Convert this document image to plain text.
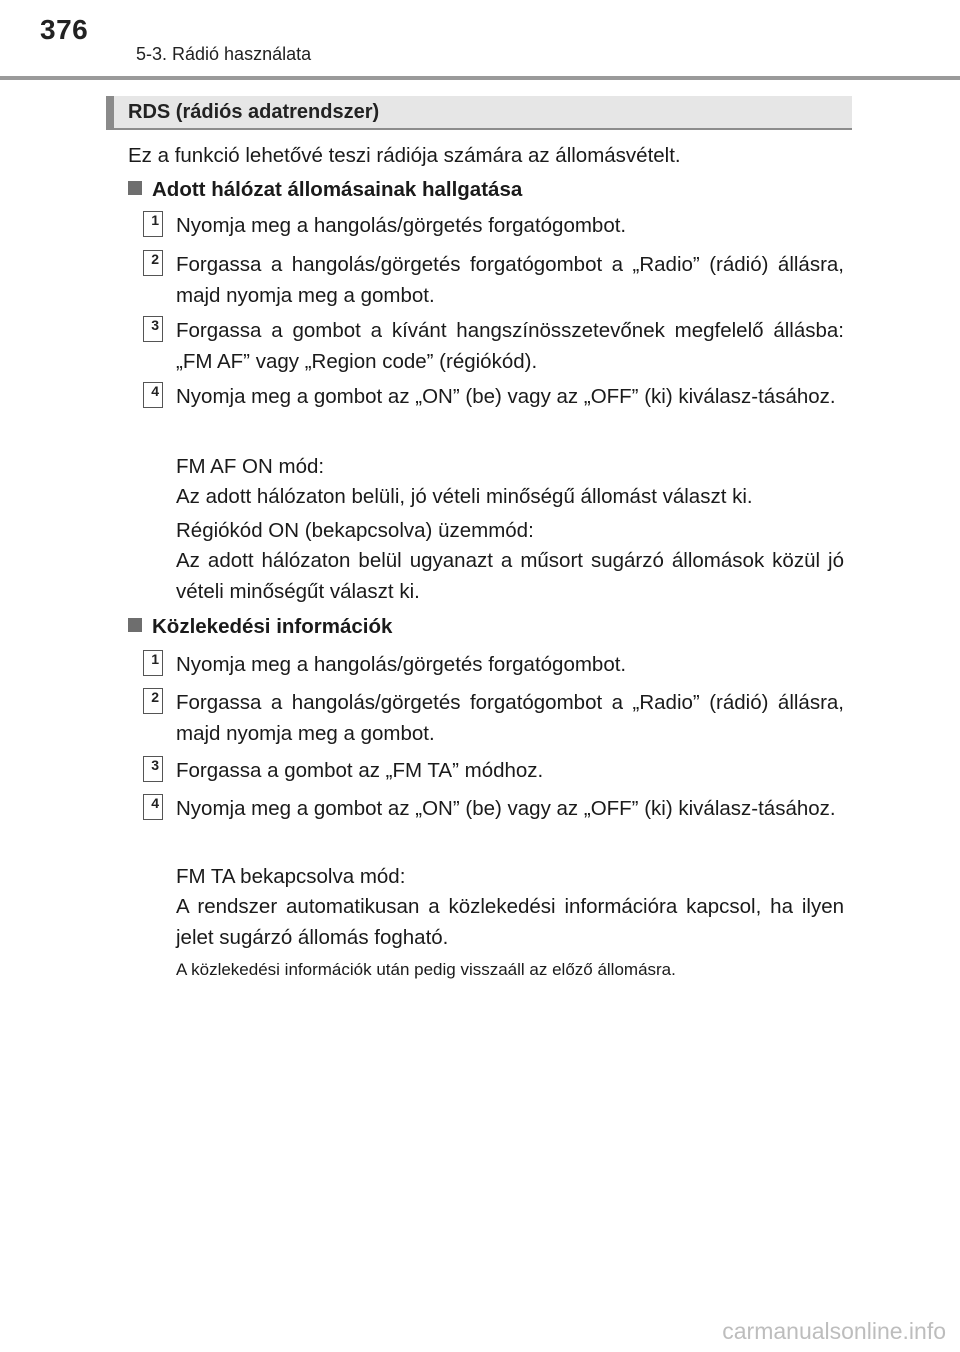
376
5-3. Rádió használata
RDS (rádiós adatrendszer)
Ez a funkció lehetővé teszi rádiója számára az állomásvételt.
Adott hálózat állomásainak hallgatása
1 Nyomja meg a hangolás/görgetés forgatógombot.
2 Forgassa a hangolás/görgetés forgatógombot a „Radio” (rádió) állásra, majd nyomja meg a gombot.
3 Forgassa a gombot a kívánt hangszínösszetevőnek megfelelő állásba: „FM AF” vagy „Region code” (régiókód).
4 Nyomja meg a gombot az „ON” (be) vagy az „OFF” (ki) kiválasz-tásához.
FM AF ON mód:
Az adott hálózaton belüli, jó vételi minőségű állomást választ ki.
Régiókód ON (bekapcsolva) üzemmód:
Az adott hálózaton belül ugyanazt a műsort sugárzó állomások közül jó vételi minőségűt választ ki.
Közlekedési információk
1 Nyomja meg a hangolás/görgetés forgatógombot.
2 Forgassa a hangolás/görgetés forgatógombot a „Radio” (rádió) állásra, majd nyomja meg a gombot.
3 Forgassa a gombot az „FM TA” módhoz.
4 Nyomja meg a gombot az „ON” (be) vagy az „OFF” (ki) kiválasz-tásához.
FM TA bekapcsolva mód:
A rendszer automatikusan a közlekedési információra kapcsol, ha ilyen jelet sugárzó állomás fogható.
A közlekedési információk után pedig visszaáll az előző állomásra.
carmanualsonline.info
